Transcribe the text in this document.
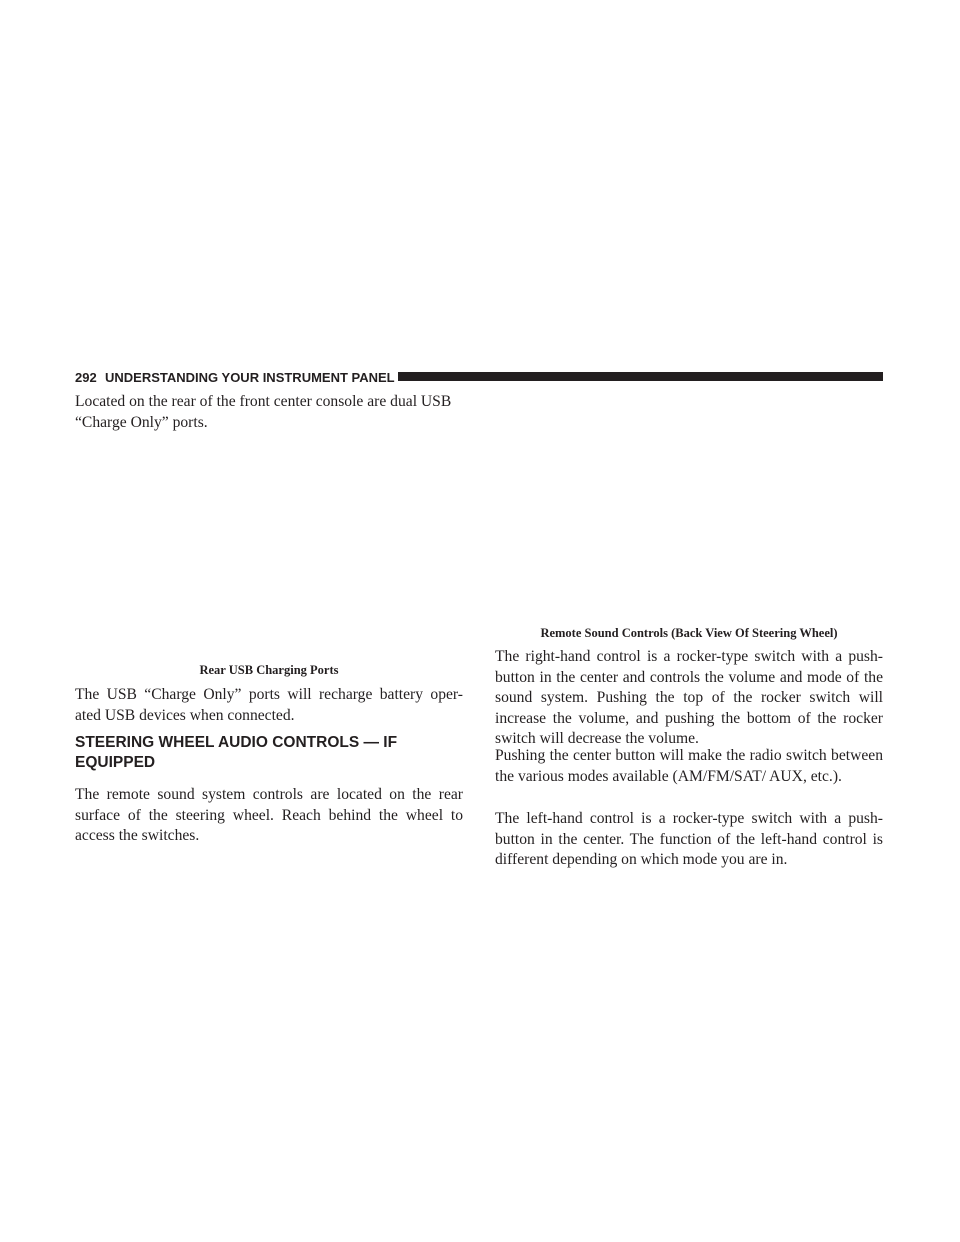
292 UNDERSTANDING YOUR INSTRUMENT PANEL

Located on the rear of the front center console are dual USB “Charge Only” ports.

Rear USB Charging Ports

The USB “Charge Only” ports will recharge battery oper- ated USB devices when connected.

STEERING WHEEL AUDIO CONTROLS — IF EQUIPPED

The remote sound system controls are located on the rear surface of the steering wheel. Reach behind the wheel to access the switches.

Remote Sound Controls (Back View Of Steering Wheel)

The right-hand control is a rocker-type switch with a push-button in the center and controls the volume and mode of the sound system. Pushing the top of the rocker switch will increase the volume, and pushing the bottom of the rocker switch will decrease the volume.

Pushing the center button will make the radio switch between the various modes available (AM/FM/SAT/ AUX, etc.).

The left-hand control is a rocker-type switch with a push- button in the center. The function of the left-hand control is different depending on which mode you are in.
